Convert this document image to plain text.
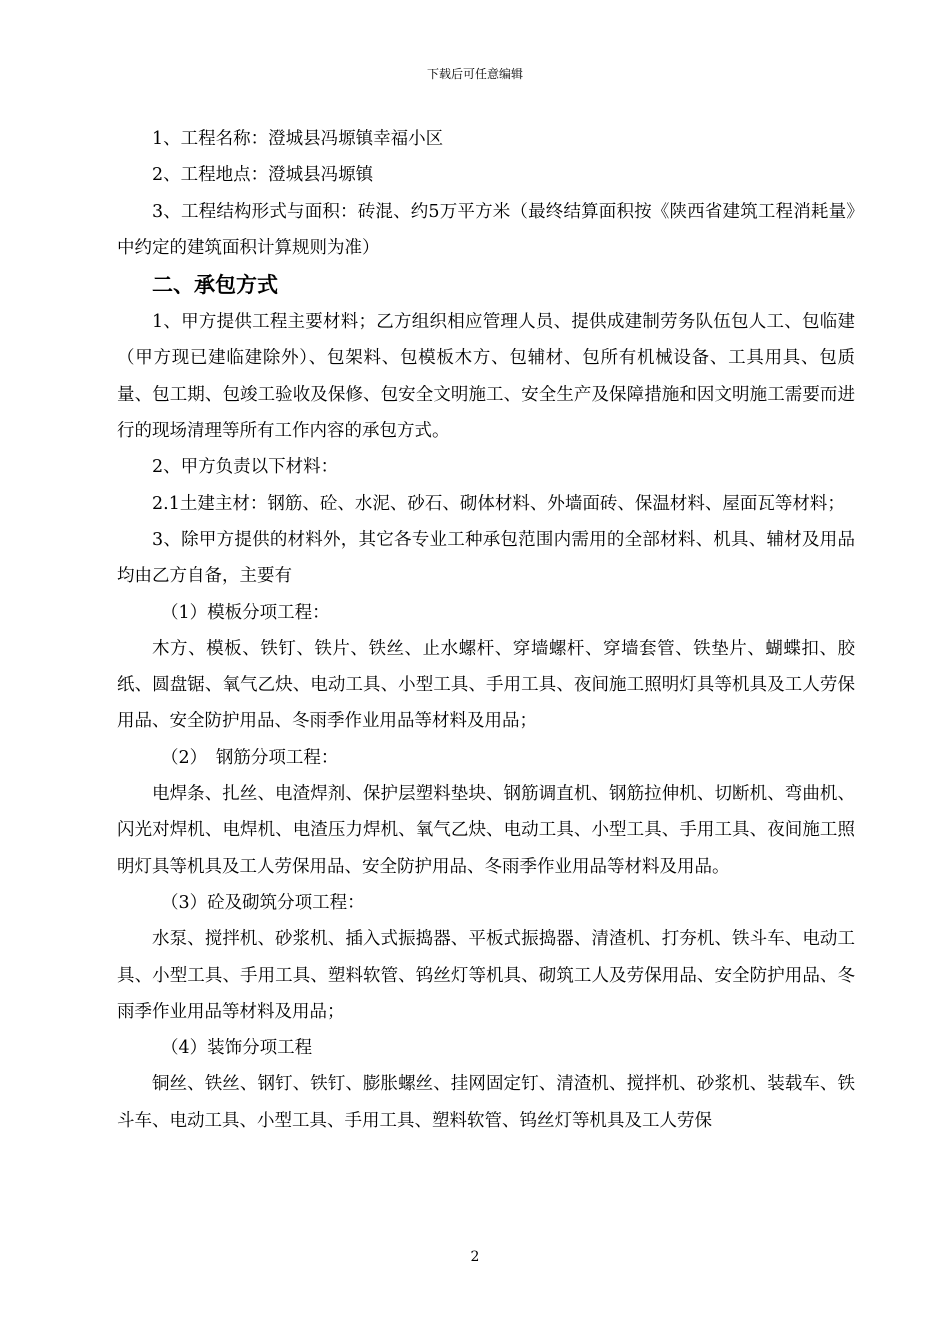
下载后可任意编辑

1、工程名称：澄城县冯塬镇幸福小区

2、工程地点：澄城县冯塬镇

3、工程结构形式与面积：砖混、约5万平方米（最终结算面积按《陕西省建筑工程消耗量》中约定的建筑面积计算规则为准）

二、承包方式

1、甲方提供工程主要材料；乙方组织相应管理人员、提供成建制劳务队伍包人工、包临建（甲方现已建临建除外）、包架料、包模板木方、包辅材、包所有机械设备、工具用具、包质量、包工期、包竣工验收及保修、包安全文明施工、安全生产及保障措施和因文明施工需要而进行的现场清理等所有工作内容的承包方式。

2、甲方负责以下材料：

2.1土建主材：钢筋、砼、水泥、砂石、砌体材料、外墙面砖、保温材料、屋面瓦等材料；

3、除甲方提供的材料外，其它各专业工种承包范围内需用的全部材料、机具、辅材及用品均由乙方自备，主要有

（1）模板分项工程：

木方、模板、铁钉、铁片、铁丝、止水螺杆、穿墙螺杆、穿墙套管、铁垫片、蝴蝶扣、胶纸、圆盘锯、氧气乙炔、电动工具、小型工具、手用工具、夜间施工照明灯具等机具及工人劳保用品、安全防护用品、冬雨季作业用品等材料及用品；

（2）　钢筋分项工程：

电焊条、扎丝、电渣焊剂、保护层塑料垫块、钢筋调直机、钢筋拉伸机、切断机、弯曲机、闪光对焊机、电焊机、电渣压力焊机、氧气乙炔、电动工具、小型工具、手用工具、夜间施工照明灯具等机具及工人劳保用品、安全防护用品、冬雨季作业用品等材料及用品。

（3）砼及砌筑分项工程：

水泵、搅拌机、砂浆机、插入式振捣器、平板式振捣器、清渣机、打夯机、铁斗车、电动工具、小型工具、手用工具、塑料软管、钨丝灯等机具、砌筑工人及劳保用品、安全防护用品、冬雨季作业用品等材料及用品；

（4）装饰分项工程

铜丝、铁丝、钢钉、铁钉、膨胀螺丝、挂网固定钉、清渣机、搅拌机、砂浆机、装载车、铁斗车、电动工具、小型工具、手用工具、塑料软管、钨丝灯等机具及工人劳保

2
